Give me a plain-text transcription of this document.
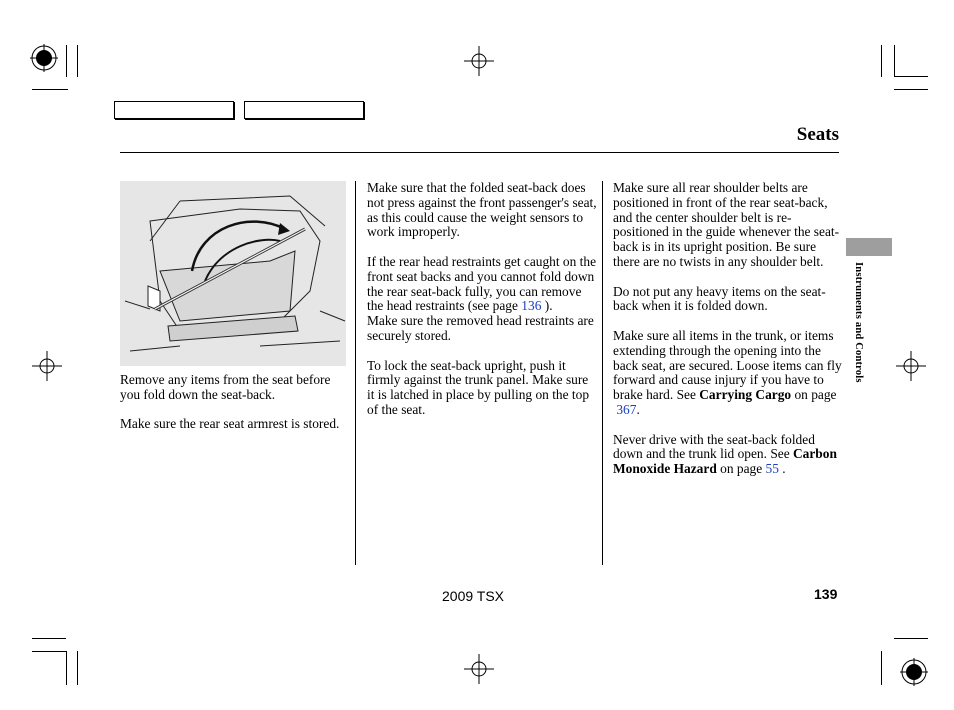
Seats

Remove any items from the seat before you fold down the seat-back.

Make sure the rear seat armrest is stored.

Make sure that the folded seat-back does not press against the front passenger's seat, as this could cause the weight sensors to work improperly.

If the rear head restraints get caught on the front seat backs and you cannot fold down the rear seat-back fully, you can remove the head restraints (see page 136 ).

Make sure the removed head restraints are securely stored.

To lock the seat-back upright, push it firmly against the trunk panel. Make sure it is latched in place by pulling on the top of the seat.

Make sure all rear shoulder belts are positioned in front of the rear seat-back, and the center shoulder belt is re-positioned in the guide whenever the seat-back is in its upright position. Be sure there are no twists in any shoulder belt.

Do not put any heavy items on the seat-back when it is folded down.

Make sure all items in the trunk, or items extending through the opening into the back seat, are secured. Loose items can fly forward and cause injury if you have to brake hard. See Carrying Cargo on page
367.

Never drive with the seat-back folded down and the trunk lid open. See Carbon Monoxide Hazard on page 55 .

Instruments and Controls
2009 TSX	139
